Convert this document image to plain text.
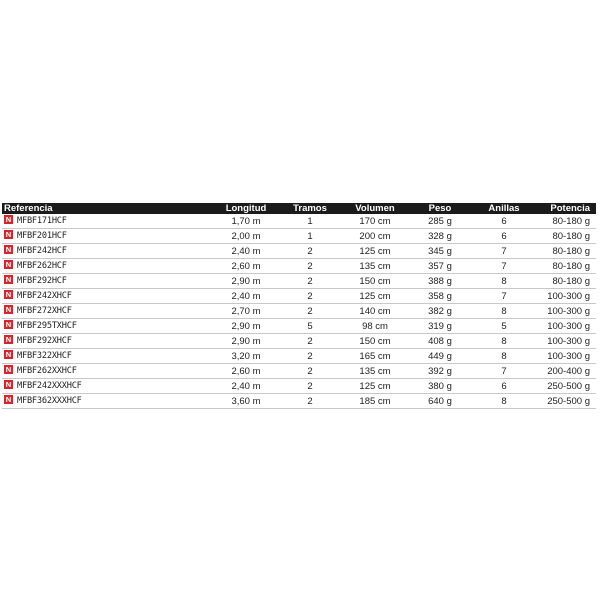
Referencia	Longitud	Tramos	Volumen	Peso	Anillas	Potencia
N MFBF171HCF	1,70 m	1	170 cm	285 g	6	80-180 g
N MFBF201HCF	2,00 m	1	200 cm	328 g	6	80-180 g
N MFBF242HCF	2,40 m	2	125 cm	345 g	7	80-180 g
N MFBF262HCF	2,60 m	2	135 cm	357 g	7	80-180 g
N MFBF292HCF	2,90 m	2	150 cm	388 g	8	80-180 g
N MFBF242XHCF	2,40 m	2	125 cm	358 g	7	100-300 g
N MFBF272XHCF	2,70 m	2	140 cm	382 g	8	100-300 g
N MFBF295TXHCF	2,90 m	5	98 cm	319 g	5	100-300 g
N MFBF292XHCF	2,90 m	2	150 cm	408 g	8	100-300 g
N MFBF322XHCF	3,20 m	2	165 cm	449 g	8	100-300 g
N MFBF262XXHCF	2,60 m	2	135 cm	392 g	7	200-400 g
N MFBF242XXXHCF	2,40 m	2	125 cm	380 g	6	250-500 g
N MFBF362XXXHCF	3,60 m	2	185 cm	640 g	8	250-500 g
